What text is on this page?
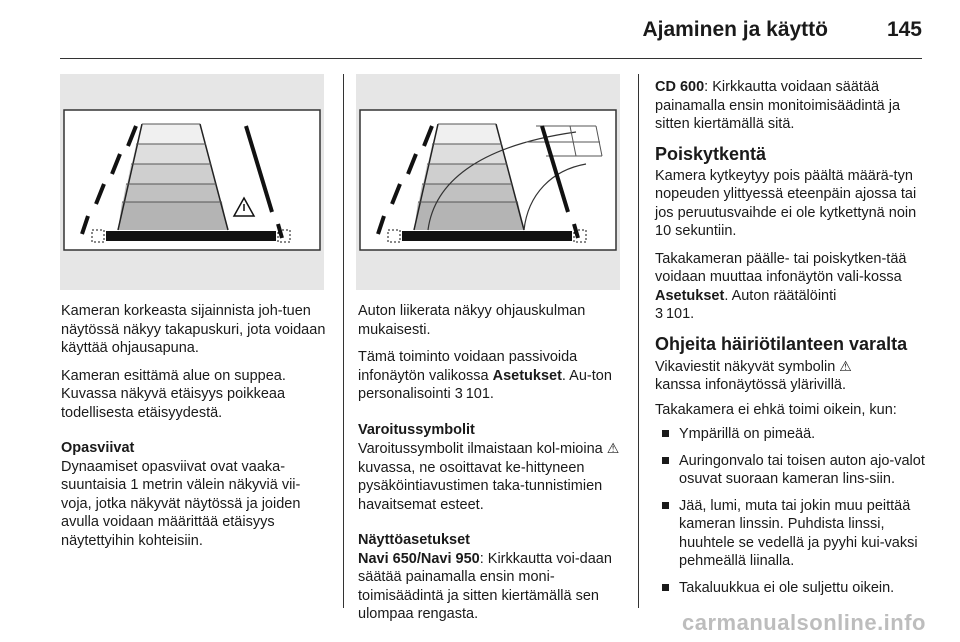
Ajaminen ja käyttö	145

Kameran korkeasta sijainnista joh-tuen näytössä näkyy takapuskuri, jota voidaan käyttää ohjausapuna.

Kameran esittämä alue on suppea. Kuvassa näkyvä etäisyys poikkeaa todellisesta etäisyydestä.

Opasviivat

Dynaamiset opasviivat ovat vaaka-suuntaisia 1 metrin välein näkyviä vii-voja, jotka näkyvät näytössä ja joiden avulla voidaan määrittää etäisyys näytettyihin kohteisiin.

Auton liikerata näkyy ohjauskulman mukaisesti.

Tämä toiminto voidaan passivoida infonäytön valikossa Asetukset. Au-ton personalisointi 3  101.

Varoitussymbolit

Varoitussymbolit ilmaistaan kol-mioina ⚠ kuvassa, ne osoittavat ke-hittyneen pysäköintiavustimen taka-tunnistimien havaitsemat esteet.

Näyttöasetukset

Navi 650/Navi 950: Kirkkautta voi-daan säätää painamalla ensin moni-toimisäädintä ja sitten kiertämällä sen ulompaa rengasta.

CD 600: Kirkkautta voidaan säätää painamalla ensin monitoimisäädintä ja sitten kiertämällä sitä.

Poiskytkentä

Kamera kytkeytyy pois päältä määrä-tyn nopeuden ylittyessä eteenpäin ajossa tai jos peruutusvaihde ei ole kytkettynä noin 10 sekuntiin.

Takakameran päälle- tai poiskytken-tää voidaan muuttaa infonäytön vali-kossa Asetukset. Auton räätälöinti
3  101.

Ohjeita häiriötilanteen varalta

Vikaviestit näkyvät symbolin ⚠
kanssa infonäytössä ylärivillä.

Takakamera ei ehkä toimi oikein, kun:

Ympärillä on pimeää.
Auringonvalo tai toisen auton ajo-valot osuvat suoraan kameran lins-siin.
Jää, lumi, muta tai jokin muu peittää kameran linssin. Puhdista linssi, huuhtele se vedellä ja pyyhi kui-vaksi pehmeällä liinalla.
Takaluukkua ei ole suljettu oikein.
carmanualsonline.info
